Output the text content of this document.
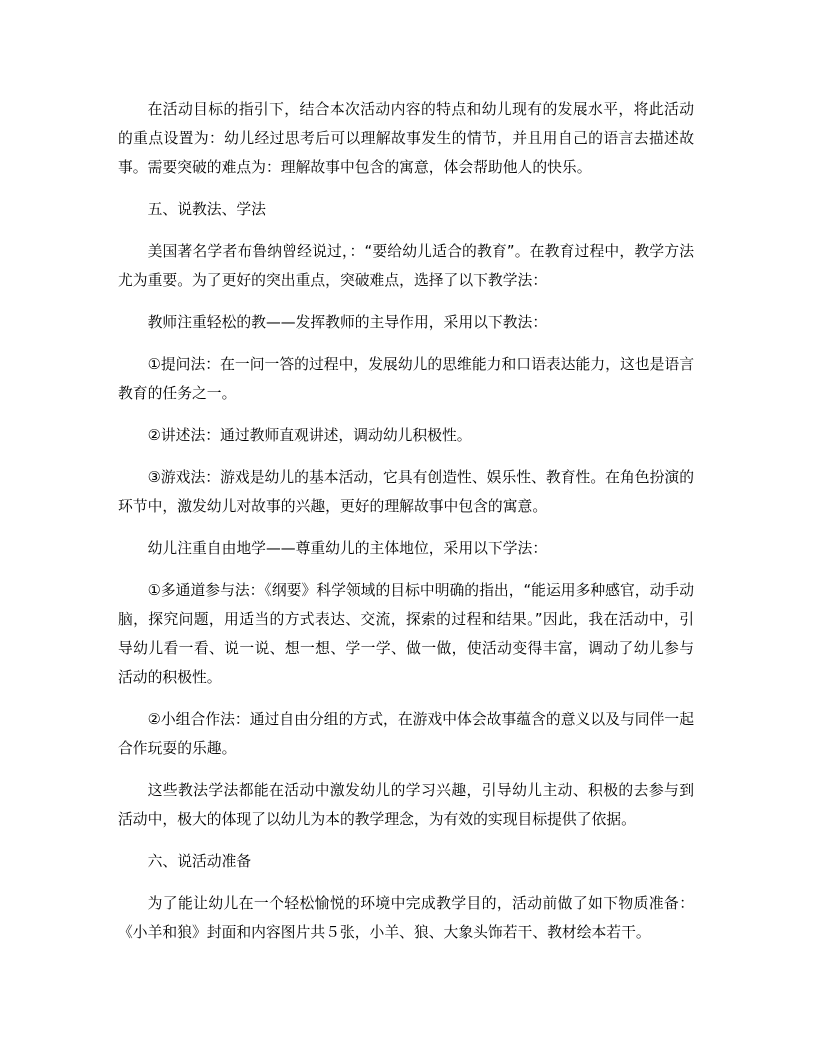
在活动目标的指引下，结合本次活动内容的特点和幼儿现有的发展水平，将此活动的重点设置为：幼儿经过思考后可以理解故事发生的情节，并且用自己的语言去描述故事。需要突破的难点为：理解故事中包含的寓意，体会帮助他人的快乐。

五、说教法、学法

美国著名学者布鲁纳曾经说过，：“要给幼儿适合的教育”。在教育过程中，教学方法尤为重要。为了更好的突出重点，突破难点，选择了以下教学法：

教师注重轻松的教——发挥教师的主导作用，采用以下教法：

①提问法：在一问一答的过程中，发展幼儿的思维能力和口语表达能力，这也是语言教育的任务之一。

②讲述法：通过教师直观讲述，调动幼儿积极性。

③游戏法：游戏是幼儿的基本活动，它具有创造性、娱乐性、教育性。在角色扮演的环节中，激发幼儿对故事的兴趣，更好的理解故事中包含的寓意。

幼儿注重自由地学——尊重幼儿的主体地位，采用以下学法：

①多通道参与法：《纲要》科学领域的目标中明确的指出，“能运用多种感官，动手动脑，探究问题，用适当的方式表达、交流，探索的过程和结果。”因此，我在活动中，引导幼儿看一看、说一说、想一想、学一学、做一做，使活动变得丰富，调动了幼儿参与活动的积极性。

②小组合作法：通过自由分组的方式，在游戏中体会故事蕴含的意义以及与同伴一起合作玩耍的乐趣。

这些教法学法都能在活动中激发幼儿的学习兴趣，引导幼儿主动、积极的去参与到活动中，极大的体现了以幼儿为本的教学理念，为有效的实现目标提供了依据。

六、说活动准备

为了能让幼儿在一个轻松愉悦的环境中完成教学目的，活动前做了如下物质准备：《小羊和狼》封面和内容图片共５张，小羊、狼、大象头饰若干、教材绘本若干。
